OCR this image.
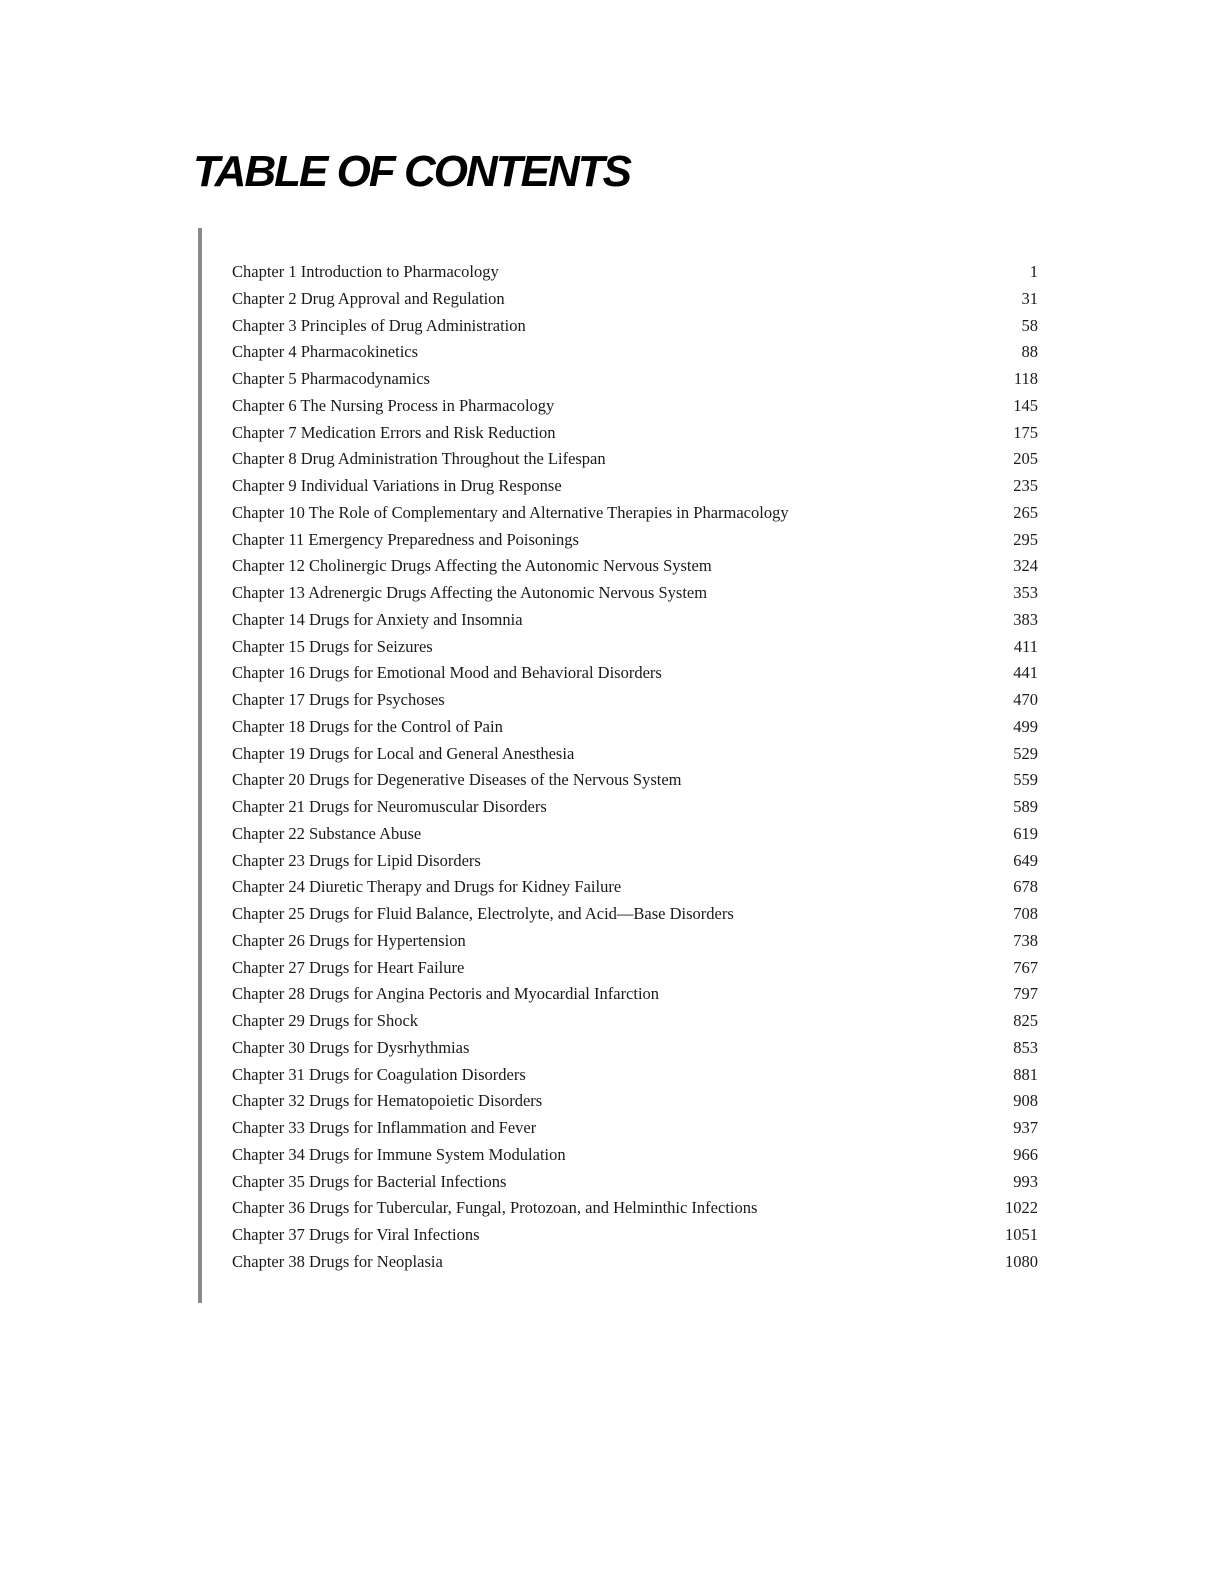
TABLE OF CONTENTS
Chapter 1 Introduction to Pharmacology	1
Chapter 2 Drug Approval and Regulation	31
Chapter 3 Principles of Drug Administration	58
Chapter 4 Pharmacokinetics	88
Chapter 5 Pharmacodynamics	118
Chapter 6 The Nursing Process in Pharmacology	145
Chapter 7 Medication Errors and Risk Reduction	175
Chapter 8 Drug Administration Throughout the Lifespan	205
Chapter 9 Individual Variations in Drug Response	235
Chapter 10 The Role of Complementary and Alternative Therapies in Pharmacology	265
Chapter 11 Emergency Preparedness and Poisonings	295
Chapter 12 Cholinergic Drugs Affecting the Autonomic Nervous System	324
Chapter 13 Adrenergic Drugs Affecting the Autonomic Nervous System	353
Chapter 14 Drugs for Anxiety and Insomnia	383
Chapter 15 Drugs for Seizures	411
Chapter 16 Drugs for Emotional Mood and Behavioral Disorders	441
Chapter 17 Drugs for Psychoses	470
Chapter 18 Drugs for the Control of Pain	499
Chapter 19 Drugs for Local and General Anesthesia	529
Chapter 20 Drugs for Degenerative Diseases of the Nervous System	559
Chapter 21 Drugs for Neuromuscular Disorders	589
Chapter 22 Substance Abuse	619
Chapter 23 Drugs for Lipid Disorders	649
Chapter 24 Diuretic Therapy and Drugs for Kidney Failure	678
Chapter 25 Drugs for Fluid Balance, Electrolyte, and Acid—Base Disorders	708
Chapter 26 Drugs for Hypertension	738
Chapter 27 Drugs for Heart Failure	767
Chapter 28 Drugs for Angina Pectoris and Myocardial Infarction	797
Chapter 29 Drugs for Shock	825
Chapter 30 Drugs for Dysrhythmias	853
Chapter 31 Drugs for Coagulation Disorders	881
Chapter 32 Drugs for Hematopoietic Disorders	908
Chapter 33 Drugs for Inflammation and Fever	937
Chapter 34 Drugs for Immune System Modulation	966
Chapter 35 Drugs for Bacterial Infections	993
Chapter 36 Drugs for Tubercular, Fungal, Protozoan, and Helminthic Infections	1022
Chapter 37 Drugs for Viral Infections	1051
Chapter 38 Drugs for Neoplasia	1080
